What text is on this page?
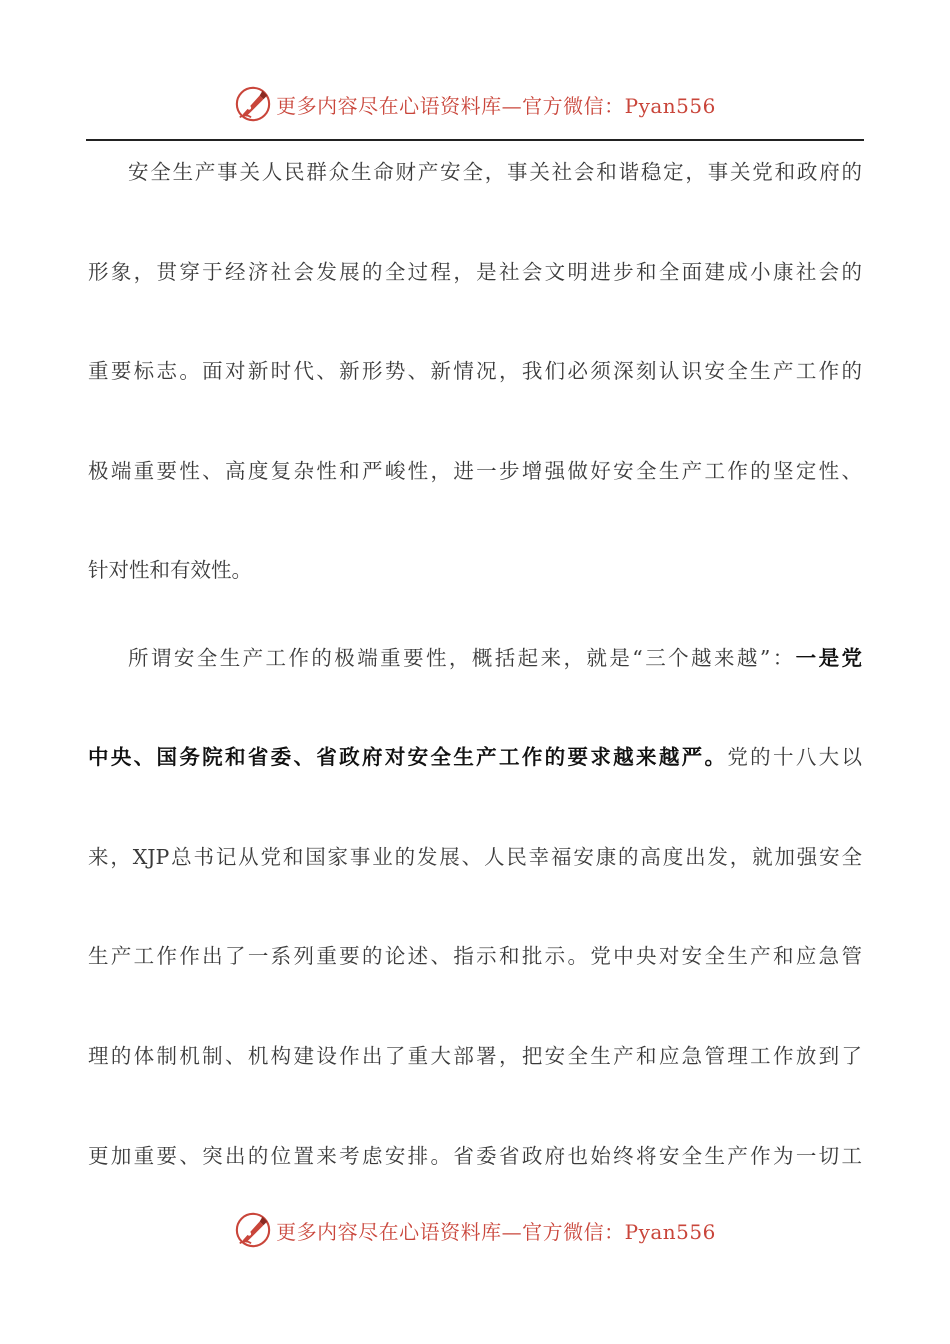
更多内容尽在心语资料库—官方微信：Pyan556
安全生产事关人民群众生命财产安全，事关社会和谐稳定，事关党和政府的
形象，贯穿于经济社会发展的全过程，是社会文明进步和全面建成小康社会的
重要标志。面对新时代、新形势、新情况，我们必须深刻认识安全生产工作的
极端重要性、高度复杂性和严峻性，进一步增强做好安全生产工作的坚定性、
针对性和有效性。
所谓安全生产工作的极端重要性，概括起来，就是“三个越来越”：一是党
中央、国务院和省委、省政府对安全生产工作的要求越来越严。党的十八大以
来，XJP总书记从党和国家事业的发展、人民幸福安康的高度出发，就加强安全
生产工作作出了一系列重要的论述、指示和批示。党中央对安全生产和应急管
理的体制机制、机构建设作出了重大部署，把安全生产和应急管理工作放到了
更加重要、突出的位置来考虑安排。省委省政府也始终将安全生产作为一切工
更多内容尽在心语资料库—官方微信：Pyan556
